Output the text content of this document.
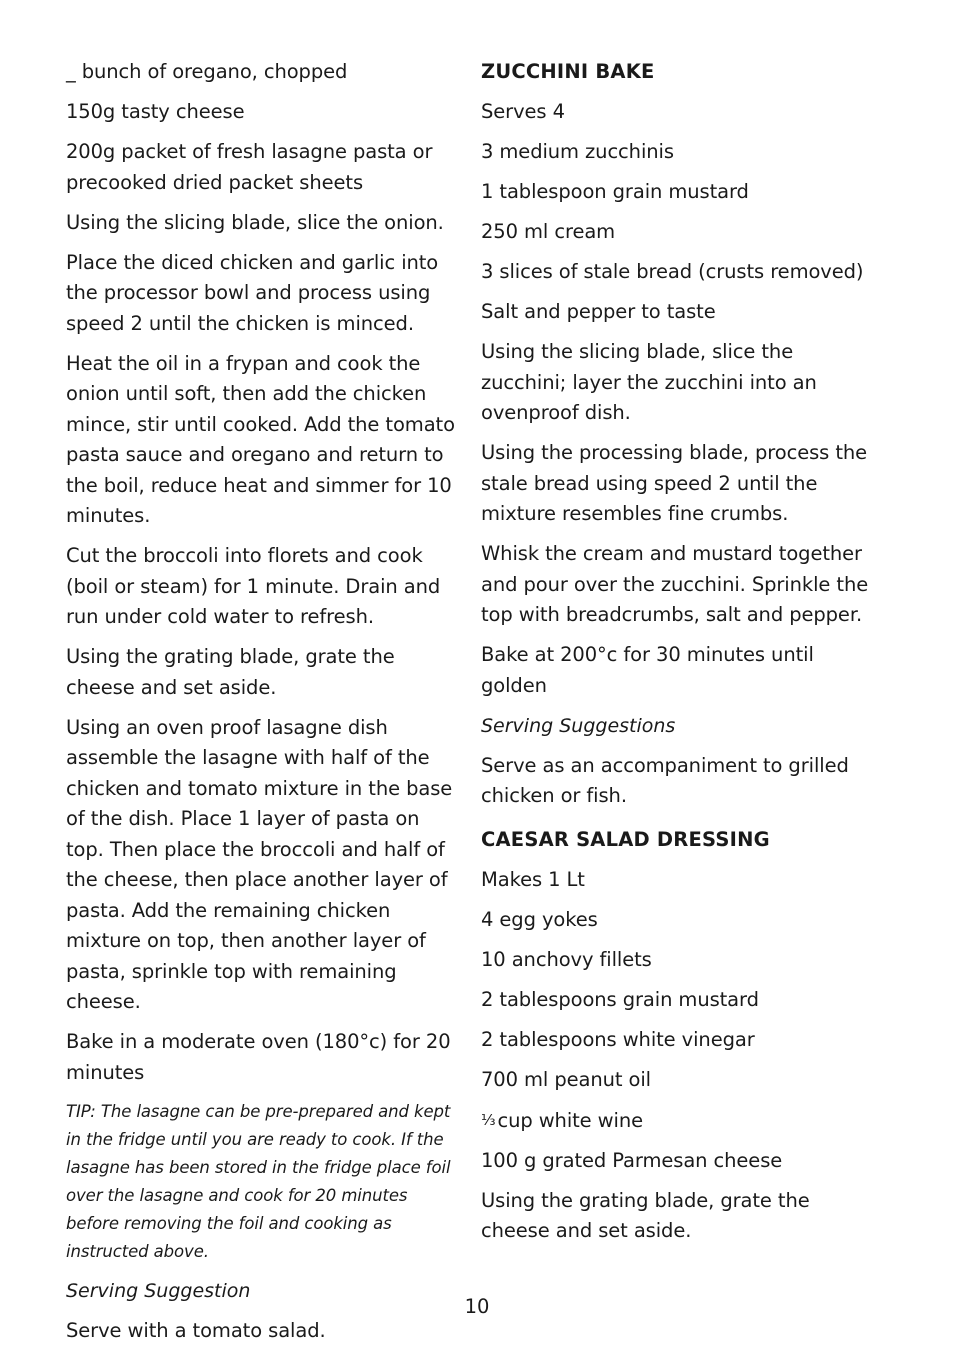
_ bunch of oregano, chopped

150g tasty cheese

200g packet of fresh lasagne pasta or precooked dried packet sheets

Using the slicing blade, slice the onion.

Place the diced chicken and garlic into the processor bowl and process using speed 2 until the chicken is minced.

Heat the oil in a frypan and cook the onion until soft, then add the chicken mince, stir until cooked. Add the tomato pasta sauce and oregano and return to the boil, reduce heat and simmer for 10 minutes.

Cut the broccoli into florets and cook (boil or steam) for 1 minute. Drain and run under cold water to refresh.

Using the grating blade, grate the cheese and set aside.

Using an oven proof lasagne dish assemble the lasagne with half of the chicken and tomato mixture in the base of the dish. Place 1 layer of pasta on top. Then place the broccoli and half of the cheese, then place another layer of pasta. Add the remaining chicken mixture on top, then another layer of pasta, sprinkle top with remaining cheese.

Bake in a moderate oven (180°c) for 20 minutes

TIP: The lasagne can be pre-prepared and kept in the fridge until you are ready to cook. If the lasagne has been stored in the fridge place foil over the lasagne and cook for 20 minutes before removing the foil and cooking as instructed above.

Serving Suggestion

Serve with a tomato salad.

ZUCCHINI BAKE

Serves 4

3 medium zucchinis

1 tablespoon grain mustard

250 ml cream

3 slices of stale bread (crusts removed)

Salt and pepper to taste

Using the slicing blade, slice the zucchini; layer the zucchini into an ovenproof dish.

Using the processing blade, process the stale bread using speed 2 until the mixture resembles fine crumbs.

Whisk the cream and mustard together and pour over the zucchini. Sprinkle the top with breadcrumbs, salt and pepper.

Bake at 200°c for 30 minutes until golden

Serving Suggestions

Serve as an accompaniment to grilled chicken or fish.

CAESAR SALAD DRESSING

Makes 1 Lt

4 egg yokes

10 anchovy fillets

2 tablespoons grain mustard

2 tablespoons white vinegar

700 ml peanut oil

⅓ cup white wine

100 g grated Parmesan cheese

Using the grating blade, grate the cheese and set aside.

10
